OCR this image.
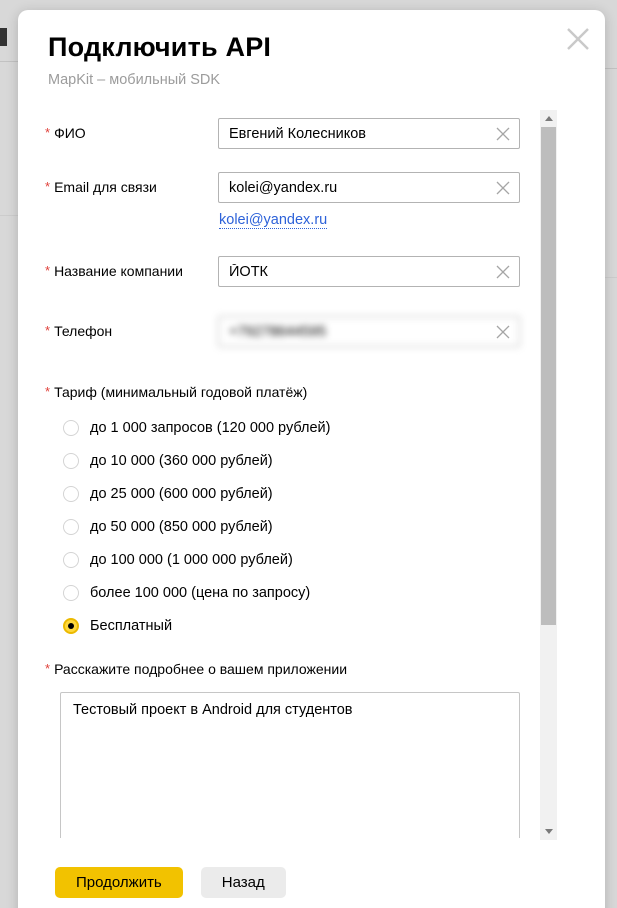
Подключить API
MapKit – мобильный SDK
* ФИО
Евгений Колесников
* Email для связи
kolei@yandex.ru
kolei@yandex.ru
* Название компании
ЙОТК
* Телефон
+79278644595
* Тариф (минимальный годовой платёж)
до 1 000 запросов (120 000 рублей)
до 10 000 (360 000 рублей)
до 25 000 (600 000 рублей)
до 50 000 (850 000 рублей)
до 100 000 (1 000 000 рублей)
более 100 000 (цена по запросу)
Бесплатный
* Расскажите подробнее о вашем приложении
Тестовый проект в Android для студентов
Продолжить	Назад
